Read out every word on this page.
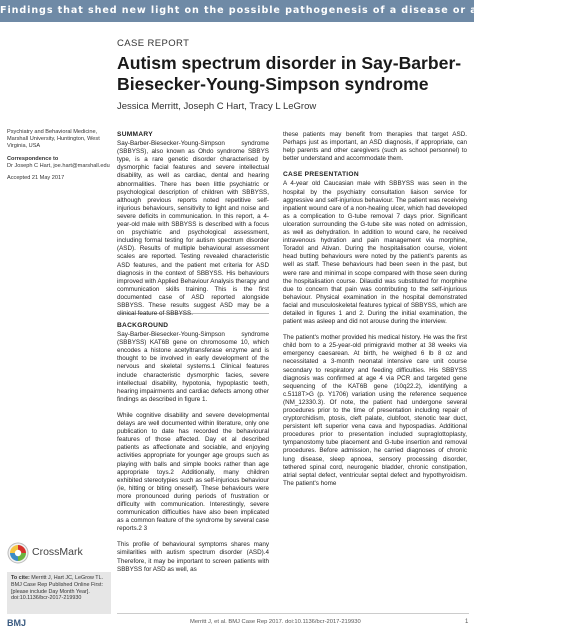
Findings that shed new light on the possible pathogenesis of a disease or an adverse effect
CASE REPORT
Autism spectrum disorder in Say-Barber-Biesecker-Young-Simpson syndrome
Jessica Merritt, Joseph C Hart, Tracy L LeGrow

Psychiatry and Behavioral Medicine, Marshall University, Huntington, West Virginia, USA

Correspondence to

Dr Joseph C Hart, joe.hart@marshall.edu

Accepted 21 May 2017

SUMMARY
Say-Barber-Biesecker-Young-Simpson syndrome (SBBYSS), also known as Ohdo syndrome SBBYS type, is a rare genetic disorder characterised by dysmorphic facial features and severe intellectual disability, as well as cardiac, dental and hearing abnormalities. There has been little psychiatric or psychological description of children with SBBYSS, although previous reports noted repetitive self-injurious behaviours, sensitivity to light and noise and severe deficits in communication. In this report, a 4-year-old male with SBBYSS is described with a focus on psychiatric and psychological assessment, including formal testing for autism spectrum disorder (ASD). Results of multiple behavioural assessment scales are reported. Testing revealed characteristic ASD features, and the patient met criteria for ASD diagnosis in the context of SBBYSS. His behaviours improved with Applied Behaviour Analysis therapy and communication skills training. This is the first documented case of ASD reported alongside SBBYSS. These results suggest ASD may be a clinical feature of SBBYSS.
BACKGROUND
Say-Barber-Biesecker-Young-Simpson syndrome (SBBYSS) KAT6B gene on chromosome 10, which encodes a histone acetyltransferase enzyme and is thought to be involved in early development of the nervous and skeletal systems.1 Clinical features include characteristic dysmorphic facies, severe intellectual disability, hypotonia, hypoplastic teeth, hearing impairments and cardiac defects among other findings as described in figure 1.
While cognitive disability and severe developmental delays are well documented within literature, only one publication to date has recorded the behavioural features of those affected. Day et al described patients as affectionate and sociable, and enjoying activities appropriate for younger age groups such as playing with balls and simple books rather than age appropriate toys.2 Additionally, many children exhibited stereotypies such as self-injurious behaviour (ie, hitting or biting oneself). These behaviours were more pronounced during periods of frustration or difficulty with communication. Interestingly, severe communication difficulties have also been implicated as a common feature of the syndrome by several case reports.2 3
This profile of behavioural symptoms shares many similarities with autism spectrum disorder (ASD).4 Therefore, it may be important to screen patients with SBBYSS for ASD as well, as
these patients may benefit from therapies that target ASD. Perhaps just as important, an ASD diagnosis, if appropriate, can help parents and other caregivers (such as school personnel) to better understand and accommodate them.
CASE PRESENTATION
A 4-year old Caucasian male with SBBYSS was seen in the hospital by the psychiatry consultation liaison service for aggressive and self-injurious behaviour. The patient was receiving inpatient wound care of a non-healing ulcer, which had developed as a complication to G-tube removal 7 days prior. Significant ulceration surrounding the G-tube site was noted on admission, as well as dehydration. In addition to wound care, he received intravenous hydration and pain management via morphine, Toradol and Ativan. During the hospitalisation course, violent head butting behaviours were noted by the patient's parents as well as staff. These behaviours had been seen in the past, but were rare and minimal in scope compared with those seen during the hospitalisation course. Dilaudid was substituted for morphine due to concern that pain was contributing to the self-injurious behaviour. Physical examination in the hospital demonstrated facial and musculoskeletal features typical of SBBYSS, which are detailed in figures 1 and 2. During the initial examination, the patient was asleep and did not arouse during the interview.
The patient's mother provided his medical history. He was the first child born to a 25-year-old primigravid mother at 38 weeks via emergency caesarean. At birth, he weighed 6 lb 8 oz and necessitated a 3-month neonatal intensive care unit course secondary to respiratory and feeding difficulties. His SBBYSS diagnosis was confirmed at age 4 via PCR and targeted gene sequencing of the KAT6B gene (10q22.2), identifying a c.5118T>G (p. Y1706) variation using the reference sequence (NM_12330.3). Of note, the patient had undergone several procedures prior to the time of presentation including repair of cryptorchidism, ptosis, cleft palate, clubfoot, stenotic tear duct, persistent left superior vena cava and hypospadias. Additional procedures prior to presentation included supraglottoplasty, tympanostomy tube placement and G-tube insertion and removal procedures. Before admission, he carried diagnoses of chronic lung disease, sleep apnoea, sensory processing disorder, tethered spinal cord, neurogenic bladder, chronic constipation, atrial septal defect, ventricular septal defect and hypothyroidism. The patient's home
CrossMark
To cite: Merritt J, Hart JC, LeGrow TL. BMJ Case Rep Published Online First: [please include Day Month Year]. doi:10.1136/bcr-2017-219930
BMJ	Merritt J, et al. BMJ Case Rep 2017. doi:10.1136/bcr-2017-219930	1
